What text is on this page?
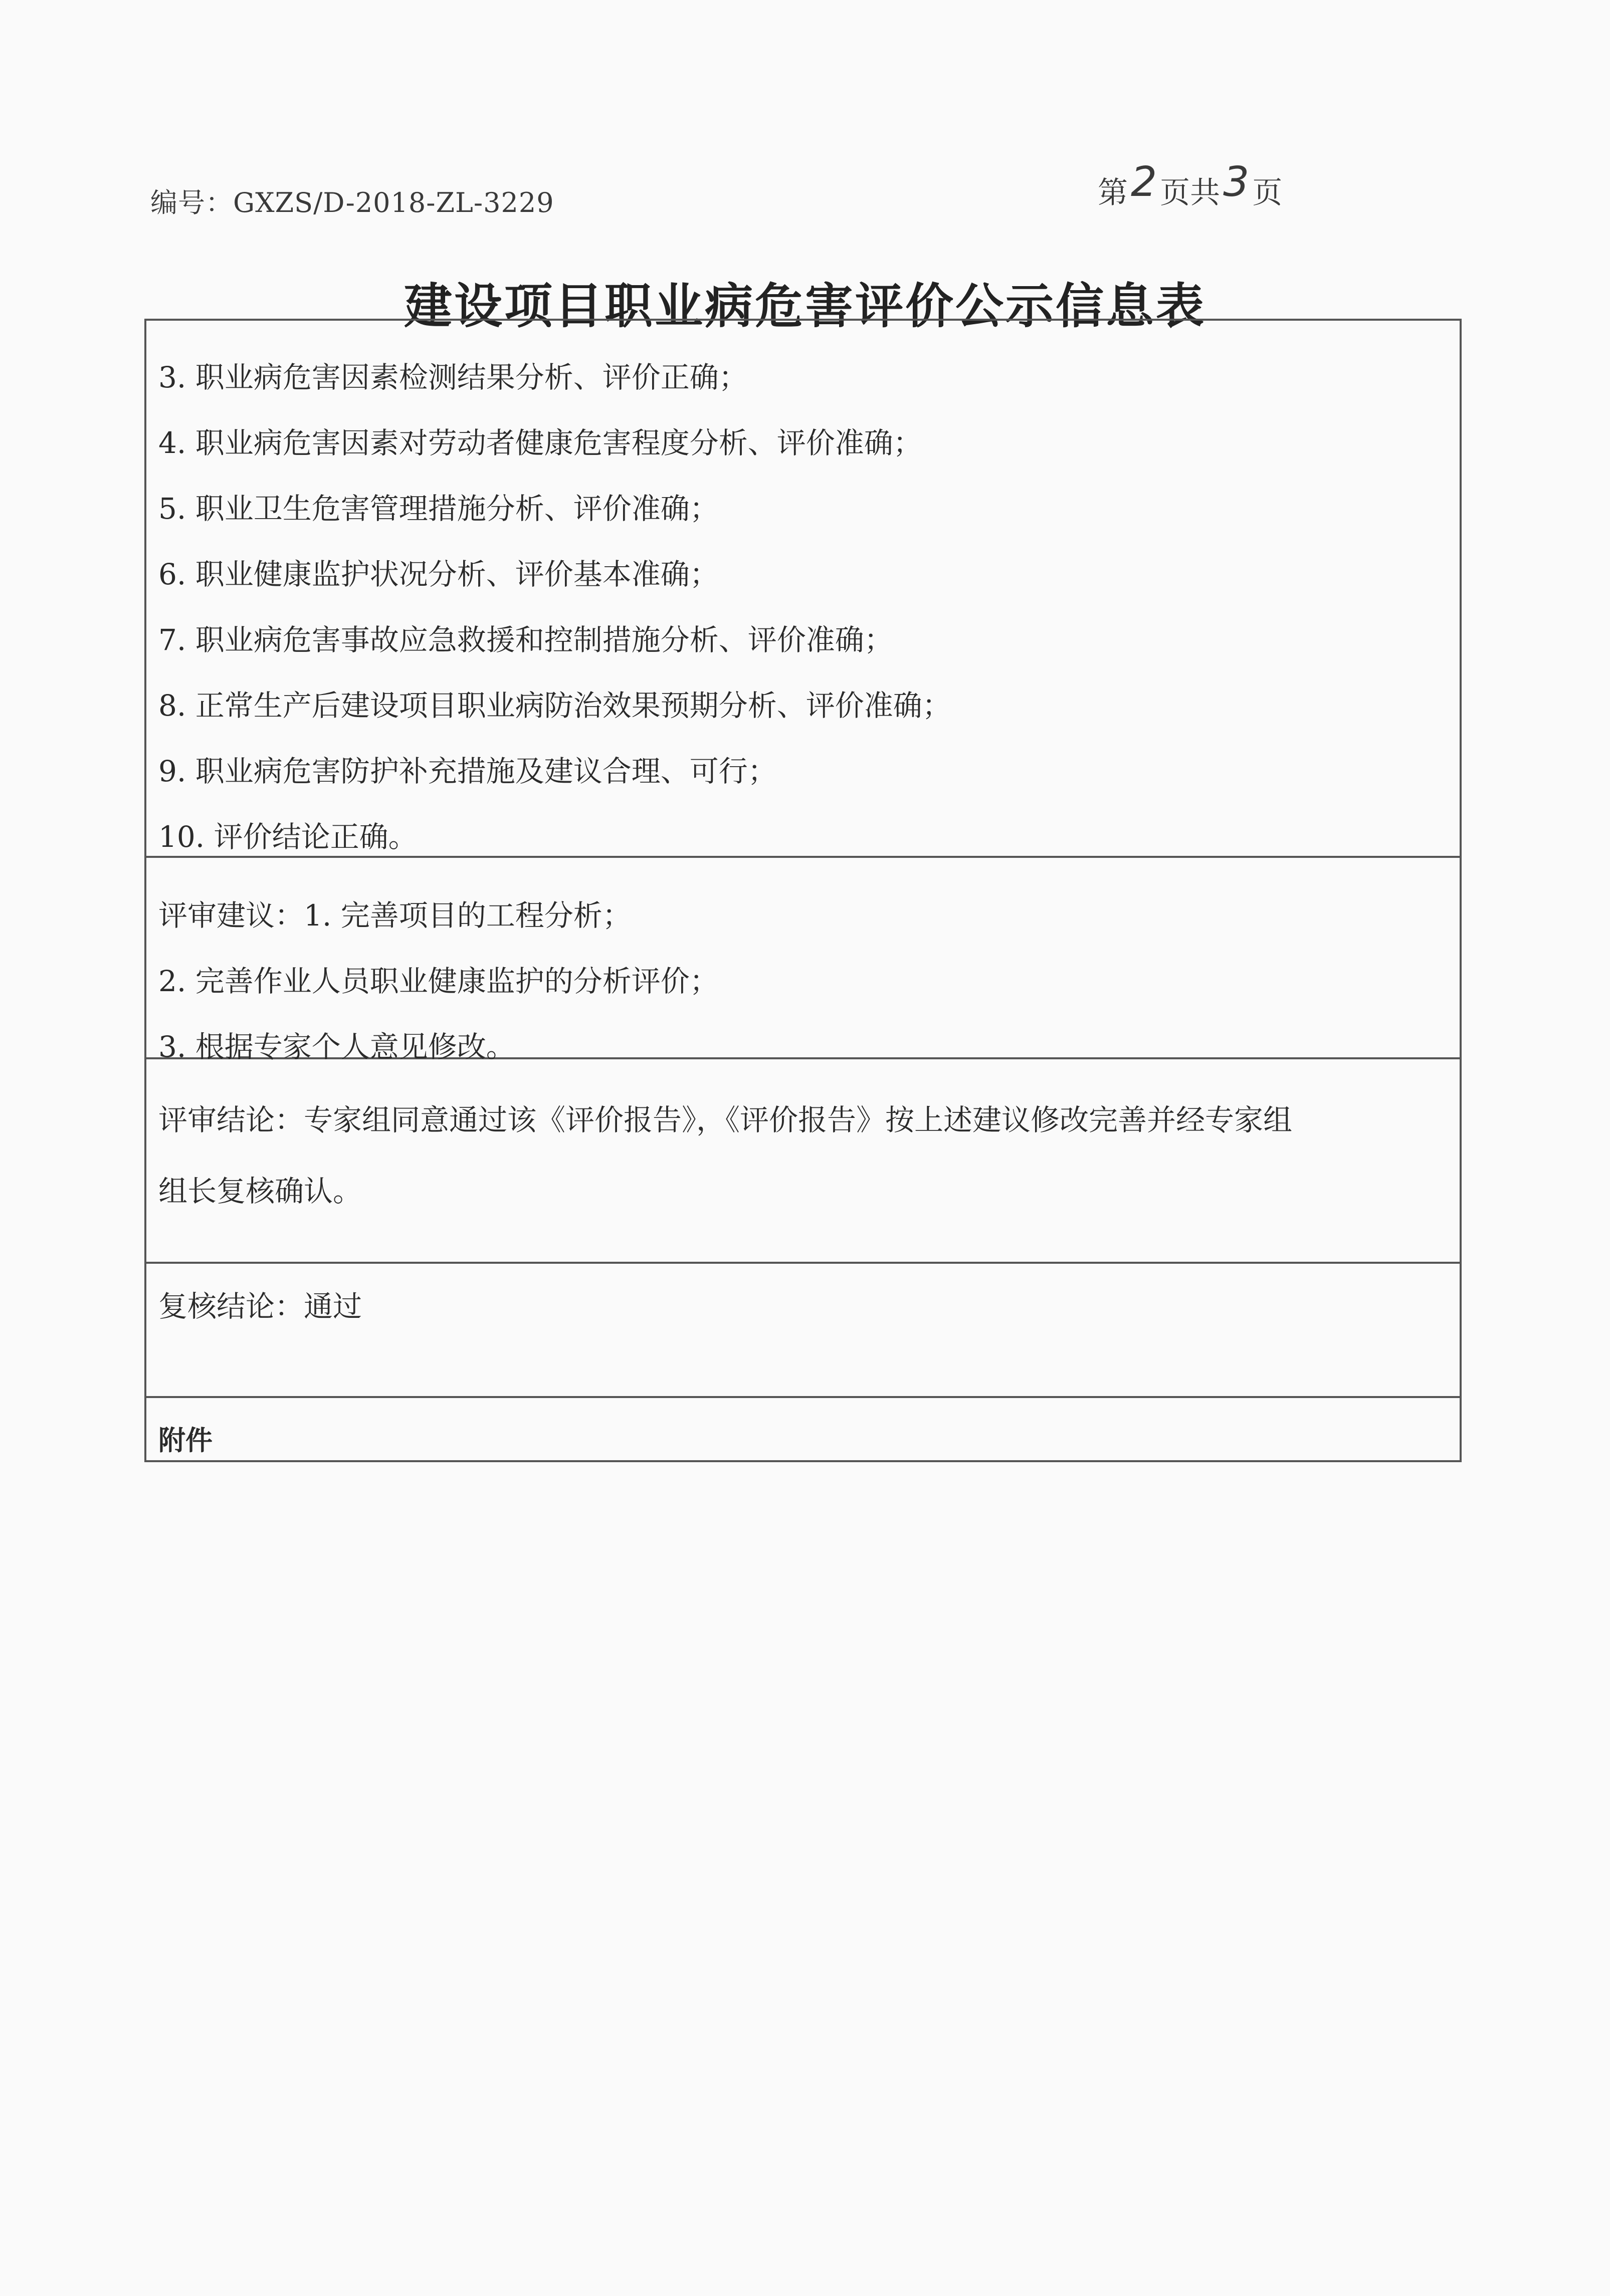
编号：GXZS/D-2018-ZL-3229	第2 页共3 页
建设项目职业病危害评价公示信息表
3. 职业病危害因素检测结果分析、评价正确；
4. 职业病危害因素对劳动者健康危害程度分析、评价准确；
5. 职业卫生危害管理措施分析、评价准确；
6. 职业健康监护状况分析、评价基本准确；
7. 职业病危害事故应急救援和控制措施分析、评价准确；
8. 正常生产后建设项目职业病防治效果预期分析、评价准确；
9. 职业病危害防护补充措施及建议合理、可行；
10. 评价结论正确。
评审建议：1. 完善项目的工程分析；
2. 完善作业人员职业健康监护的分析评价；
3. 根据专家个人意见修改。
评审结论：专家组同意通过该《评价报告》，《评价报告》按上述建议修改完善并经专家组
组长复核确认。
复核结论：通过
附件
